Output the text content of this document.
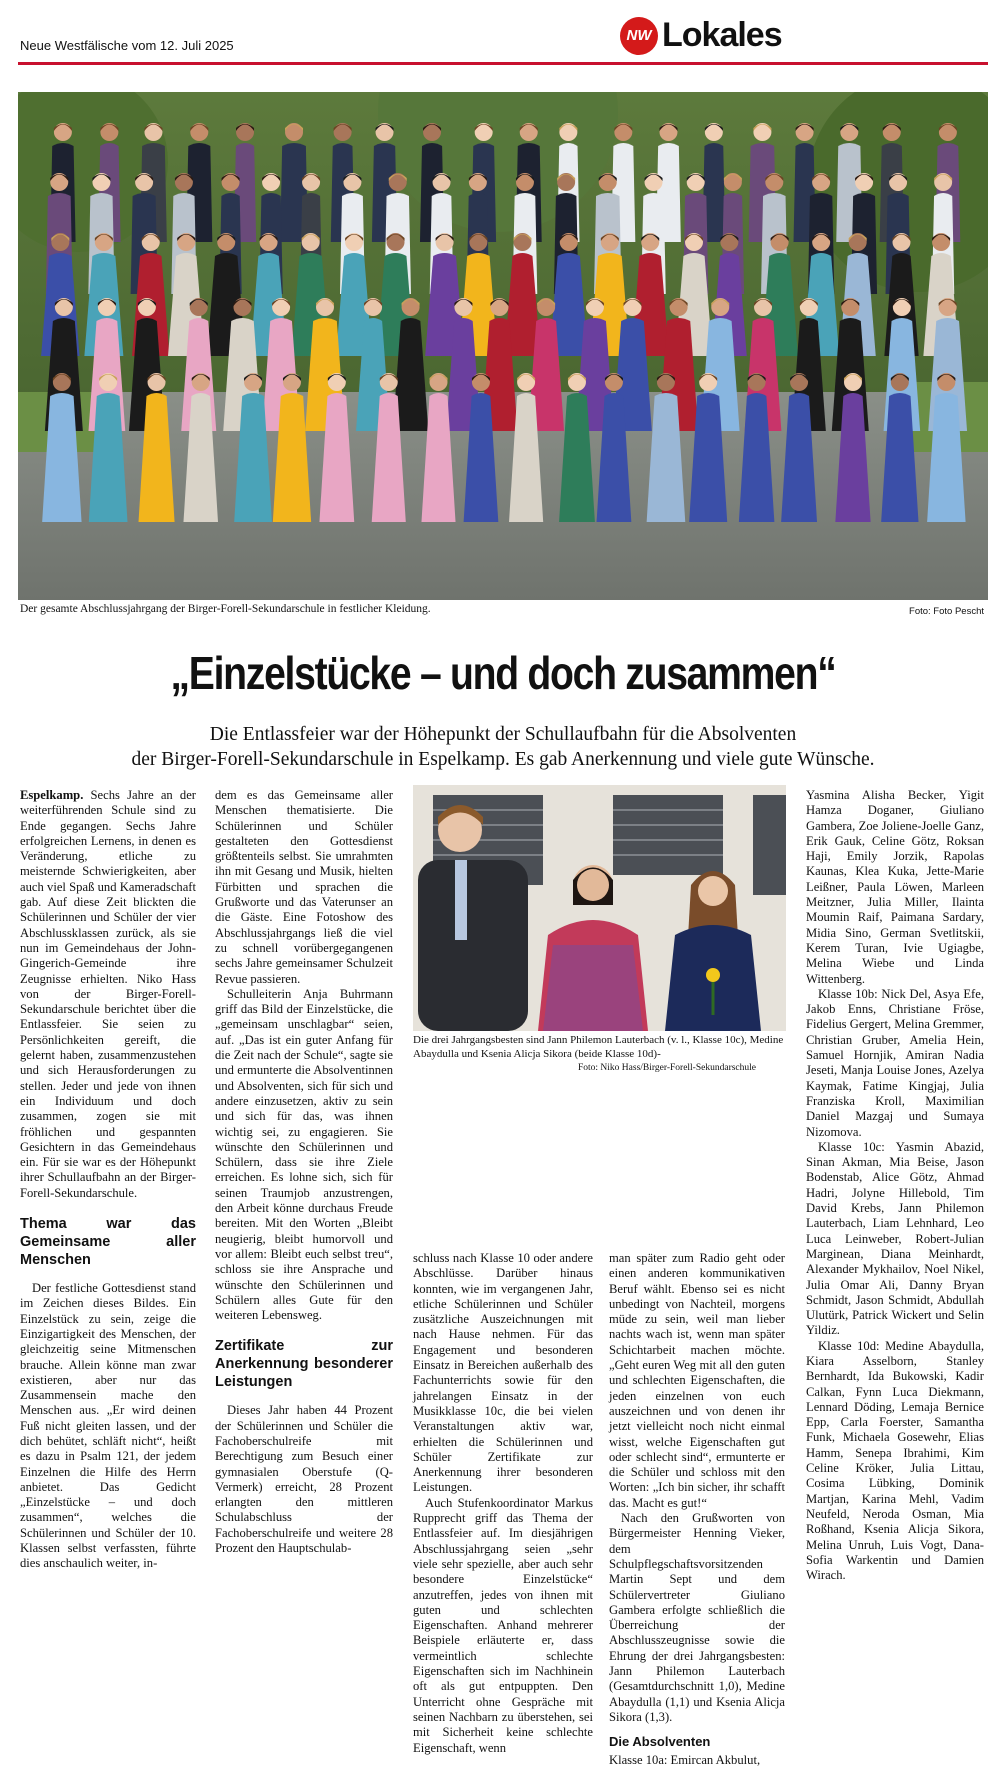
Neue Westfälische vom 12. Juli 2025
NW Lokales
Der gesamte Abschlussjahrgang der Birger-Forell-Sekundarschule in festlicher Kleidung.	Foto: Foto Pescht
„Einzelstücke – und doch zusammen“
Die Entlassfeier war der Höhepunkt der Schullaufbahn für die Absolventen
der Birger-Forell-Sekundarschule in Espelkamp. Es gab Anerkennung und viele gute Wünsche.

Espelkamp. Sechs Jahre an der weiterführenden Schule sind zu Ende gegangen. Sechs Jahre erfolgreichen Lernens, in denen es Veränderung, etliche zu meisternde Schwierigkeiten, aber auch viel Spaß und Kameradschaft gab. Auf diese Zeit blickten die Schülerinnen und Schüler der vier Abschlussklassen zurück, als sie nun im Gemeindehaus der John-Gingerich-Gemeinde ihre Zeugnisse erhielten. Niko Hass von der Birger-Forell-Sekundarschule berichtet über die Entlassfeier. Sie seien zu Persönlichkeiten gereift, die gelernt haben, zusammenzustehen und sich Herausforderungen zu stellen. Jeder und jede von ihnen ein Individuum und doch zusammen, zogen sie mit fröhlichen und gespannten Gesichtern in das Gemeindehaus ein. Für sie war es der Höhepunkt ihrer Schullaufbahn an der Birger-Forell-Sekundarschule.

Thema war das Gemeinsame aller Menschen

Der festliche Gottesdienst stand im Zeichen dieses Bildes. Ein Einzelstück zu sein, zeige die Einzigartigkeit des Menschen, der gleichzeitig seine Mitmenschen brauche. Allein könne man zwar existieren, aber nur das Zusammensein mache den Menschen aus. „Er wird deinen Fuß nicht gleiten lassen, und der dich behütet, schläft nicht“, heißt es dazu in Psalm 121, der jedem Einzelnen die Hilfe des Herrn anbietet. Das Gedicht „Einzelstücke – und doch zusammen“, welches die Schülerinnen und Schüler der 10. Klassen selbst verfassten, führte dies anschaulich weiter, in-

dem es das Gemeinsame aller Menschen thematisierte. Die Schülerinnen und Schüler gestalteten den Gottesdienst größtenteils selbst. Sie umrahmten ihn mit Gesang und Musik, hielten Fürbitten und sprachen die Grußworte und das Vaterunser an die Gäste. Eine Fotoshow des Abschlussjahrgangs ließ die viel zu schnell vorübergegangenen sechs Jahre gemeinsamer Schulzeit Revue passieren.

Schulleiterin Anja Buhrmann griff das Bild der Einzelstücke, die „gemeinsam unschlagbar“ seien, auf. „Das ist ein guter Anfang für die Zeit nach der Schule“, sagte sie und ermunterte die Absolventinnen und Absolventen, sich für sich und andere einzusetzen, aktiv zu sein und sich für das, was ihnen wichtig sei, zu engagieren. Sie wünschte den Schülerinnen und Schülern, dass sie ihre Ziele erreichen. Es lohne sich, sich für seinen Traumjob anzustrengen, den Arbeit könne durchaus Freude bereiten. Mit den Worten „Bleibt neugierig, bleibt humorvoll und vor allem: Bleibt euch selbst treu“, schloss sie ihre Ansprache und wünschte den Schülerinnen und Schülern alles Gute für den weiteren Lebensweg.

Zertifikate zur Anerkennung besonderer Leistungen

Dieses Jahr haben 44 Prozent der Schülerinnen und Schüler die Fachoberschulreife mit Berechtigung zum Besuch einer gymnasialen Oberstufe (Q-Vermerk) erreicht, 28 Prozent erlangten den mittleren Schulabschluss der Fachoberschulreife und weitere 28 Prozent den Hauptschulab-

Die drei Jahrgangsbesten sind Jann Philemon Lauterbach (v. l., Klasse 10c), Medine Abaydulla und Ksenia Alicja Sikora (beide Klasse 10d)-
Foto: Niko Hass/Birger-Forell-Sekundarschule

schluss nach Klasse 10 oder andere Abschlüsse. Darüber hinaus konnten, wie im vergangenen Jahr, etliche Schülerinnen und Schüler zusätzliche Auszeichnungen mit nach Hause nehmen. Für das Engagement und besonderen Einsatz in Bereichen außerhalb des Fachunterrichts sowie für den jahrelangen Einsatz in der Musikklasse 10c, die bei vielen Veranstaltungen aktiv war, erhielten die Schülerinnen und Schüler Zertifikate zur Anerkennung ihrer besonderen Leistungen.

Auch Stufenkoordinator Markus Rupprecht griff das Thema der Entlassfeier auf. Im diesjährigen Abschlussjahrgang seien „sehr viele sehr spezielle, aber auch sehr besondere Einzelstücke“ anzutreffen, jedes von ihnen mit guten und schlechten Eigenschaften. Anhand mehrerer Beispiele erläuterte er, dass vermeintlich schlechte Eigenschaften sich im Nachhinein oft als gut entpuppten. Den Unterricht ohne Gespräche mit seinen Nachbarn zu überstehen, sei mit Sicherheit keine schlechte Eigenschaft, wenn

man später zum Radio geht oder einen anderen kommunikativen Beruf wählt. Ebenso sei es nicht unbedingt von Nachteil, morgens müde zu sein, weil man lieber nachts wach ist, wenn man später Schichtarbeit machen möchte. „Geht euren Weg mit all den guten und schlechten Eigenschaften, die jeden einzelnen von euch auszeichnen und von denen ihr jetzt vielleicht noch nicht einmal wisst, welche Eigenschaften gut oder schlecht sind“, ermunterte er die Schüler und schloss mit den Worten: „Ich bin sicher, ihr schafft das. Macht es gut!“

Nach den Grußworten von Bürgermeister Henning Vieker, dem Schulpflegschaftsvorsitzenden Martin Sept und dem Schülervertreter Giuliano Gambera erfolgte schließlich die Überreichung der Abschlusszeugnisse sowie die Ehrung der drei Jahrgangsbesten: Jann Philemon Lauterbach (Gesamtdurchschnitt 1,0), Medine Abaydulla (1,1) und Ksenia Alicja Sikora (1,3).

Die Absolventen

Klasse 10a: Emircan Akbulut,

Yasmina Alisha Becker, Yigit Hamza Doganer, Giuliano Gambera, Zoe Joliene-Joelle Ganz, Erik Gauk, Celine Götz, Roksan Haji, Emily Jorzik, Rapolas Kaunas, Klea Kuka, Jette-Marie Leißner, Paula Löwen, Marleen Meitzner, Julia Miller, Ilainta Moumin Raif, Paimana Sardary, Midia Sino, German Svetlitskii, Kerem Turan, Ivie Ugiagbe, Melina Wiebe und Linda Wittenberg.

Klasse 10b: Nick Del, Asya Efe, Jakob Enns, Christiane Fröse, Fidelius Gergert, Melina Gremmer, Christian Gruber, Amelia Hein, Samuel Hornjik, Amiran Nadia Jeseti, Manja Louise Jones, Azelya Kaymak, Fatime Kingjaj, Julia Franziska Kroll, Maximilian Daniel Mazgaj und Sumaya Nizomova.

Klasse 10c: Yasmin Abazid, Sinan Akman, Mia Beise, Jason Bodenstab, Alice Götz, Ahmad Hadri, Jolyne Hillebold, Tim David Krebs, Jann Philemon Lauterbach, Liam Lehnhard, Leo Luca Leinweber, Robert-Julian Marginean, Diana Meinhardt, Alexander Mykhailov, Noel Nikel, Julia Omar Ali, Danny Bryan Schmidt, Jason Schmidt, Abdullah Ulutürk, Patrick Wickert und Selin Yildiz.

Klasse 10d: Medine Abaydulla, Kiara Asselborn, Stanley Bernhardt, Ida Bukowski, Kadir Calkan, Fynn Luca Diekmann, Lennard Döding, Lemaja Bernice Epp, Carla Foerster, Samantha Funk, Michaela Gosewehr, Elias Hamm, Senepa Ibrahimi, Kim Celine Kröker, Julia Littau, Cosima Lübking, Dominik Martjan, Karina Mehl, Vadim Neufeld, Neroda Osman, Mia Roßhand, Ksenia Alicja Sikora, Melina Unruh, Luis Vogt, Dana-Sofia Warkentin und Damien Wirach.
